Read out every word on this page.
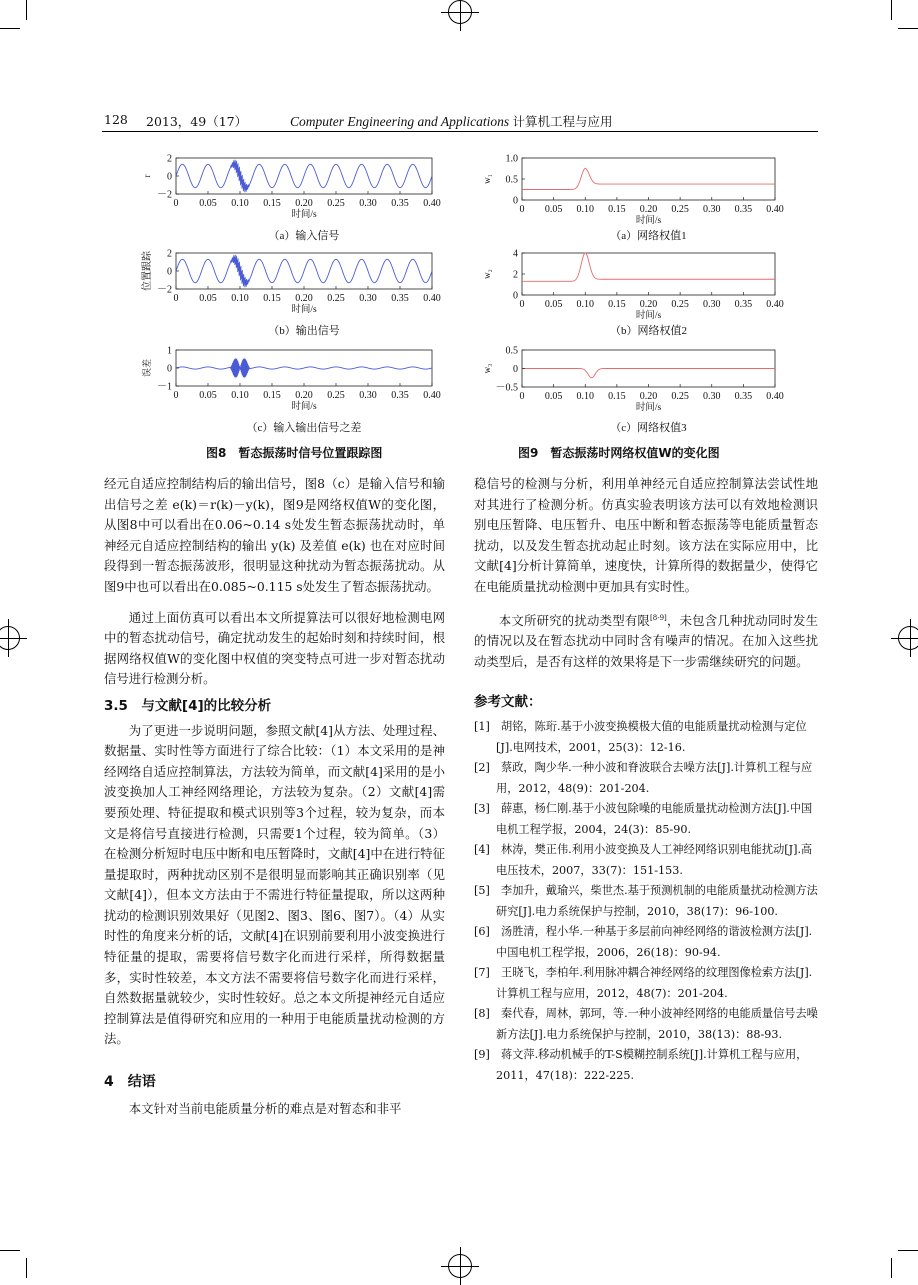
128 2013，49（17）	Computer Engineering and Applications 计算机工程与应用
2
0
－2
0 0.05 0.10 0.15 0.20 0.25 0.30 0.35 0.40
时间/s
r
（a）输入信号
2
0
－2
0 0.05 0.10 0.15 0.20 0.25 0.30 0.35 0.40
时间/s
位置跟踪
（b）输出信号
1
0
－1
0 0.05 0.10 0.15 0.20 0.25 0.30 0.35 0.40
时间/s
误差
（c）输入输出信号之差
1.0
0.5
0
0 0.05 0.10 0.15 0.20 0.25 0.30 0.35 0.40
时间/s
w₁
（a）网络权值1
4
2
0
0 0.05 0.10 0.15 0.20 0.25 0.30 0.35 0.40
时间/s
w₂
（b）网络权值2
0.5
0
－0.5
0 0.05 0.10 0.15 0.20 0.25 0.30 0.35 0.40
时间/s
w₃
（c）网络权值3
图8　暂态振荡时信号位置跟踪图	图9　暂态振荡时网络权值W的变化图

经元自适应控制结构后的输出信号，图8（c）是输入信号和输出信号之差 e(k)＝r(k)－y(k)，图9是网络权值W的变化图，从图8中可以看出在0.06~0.14 s处发生暂态振荡扰动时，单神经元自适应控制结构的输出 y(k) 及差值 e(k) 也在对应时间段得到一暂态振荡波形，很明显这种扰动为暂态振荡扰动。从图9中也可以看出在0.085~0.115 s处发生了暂态振荡扰动。

通过上面仿真可以看出本文所提算法可以很好地检测电网中的暂态扰动信号，确定扰动发生的起始时刻和持续时间，根据网络权值W的变化图中权值的突变特点可进一步对暂态扰动信号进行检测分析。

3.5　与文献[4]的比较分析

为了更进一步说明问题，参照文献[4]从方法、处理过程、数据量、实时性等方面进行了综合比较：（1）本文采用的是神经网络自适应控制算法，方法较为简单，而文献[4]采用的是小波变换加人工神经网络理论，方法较为复杂。（2）文献[4]需要预处理、特征提取和模式识别等3个过程，较为复杂，而本文是将信号直接进行检测，只需要1个过程，较为简单。（3）在检测分析短时电压中断和电压暂降时，文献[4]中在进行特征量提取时，两种扰动区别不是很明显而影响其正确识别率（见文献[4]），但本文方法由于不需进行特征量提取，所以这两种扰动的检测识别效果好（见图2、图3、图6、图7）。（4）从实时性的角度来分析的话，文献[4]在识别前要利用小波变换进行特征量的提取，需要将信号数字化而进行采样，所得数据量多，实时性较差，本文方法不需要将信号数字化而进行采样，自然数据量就较少，实时性较好。总之本文所提神经元自适应控制算法是值得研究和应用的一种用于电能质量扰动检测的方法。

4　结语

本文针对当前电能质量分析的难点是对暂态和非平

稳信号的检测与分析，利用单神经元自适应控制算法尝试性地对其进行了检测分析。仿真实验表明该方法可以有效地检测识别电压暂降、电压暂升、电压中断和暂态振荡等电能质量暂态扰动，以及发生暂态扰动起止时刻。该方法在实际应用中，比文献[4]分析计算简单，速度快，计算所得的数据量少，使得它在电能质量扰动检测中更加具有实时性。

本文所研究的扰动类型有限[8-9]，未包含几种扰动同时发生的情况以及在暂态扰动中同时含有噪声的情况。在加入这些扰动类型后，是否有这样的效果将是下一步需继续研究的问题。

参考文献：
[1]　胡铭，陈珩.基于小波变换模极大值的电能质量扰动检测与定位[J].电网技术，2001，25(3)：12-16.
[2]　蔡政，陶少华.一种小波和脊波联合去噪方法[J].计算机工程与应用，2012，48(9)：201-204.
[3]　薛惠，杨仁刚.基于小波包除噪的电能质量扰动检测方法[J].中国电机工程学报，2004，24(3)：85-90.
[4]　林涛，樊正伟.利用小波变换及人工神经网络识别电能扰动[J].高电压技术，2007，33(7)：151-153.
[5]　李加升，戴瑜兴，柴世杰.基于预测机制的电能质量扰动检测方法研究[J].电力系统保护与控制，2010，38(17)：96-100.
[6]　汤胜清，程小华.一种基于多层前向神经网络的谐波检测方法[J].中国电机工程学报，2006，26(18)：90-94.
[7]　王晓飞，李柏年.利用脉冲耦合神经网络的纹理图像检索方法[J].计算机工程与应用，2012，48(7)：201-204.
[8]　秦代春，周林，郭珂，等.一种小波神经网络的电能质量信号去噪新方法[J].电力系统保护与控制，2010，38(13)：88-93.
[9]　蒋文萍.移动机械手的T-S模糊控制系统[J].计算机工程与应用，2011，47(18)：222-225.
